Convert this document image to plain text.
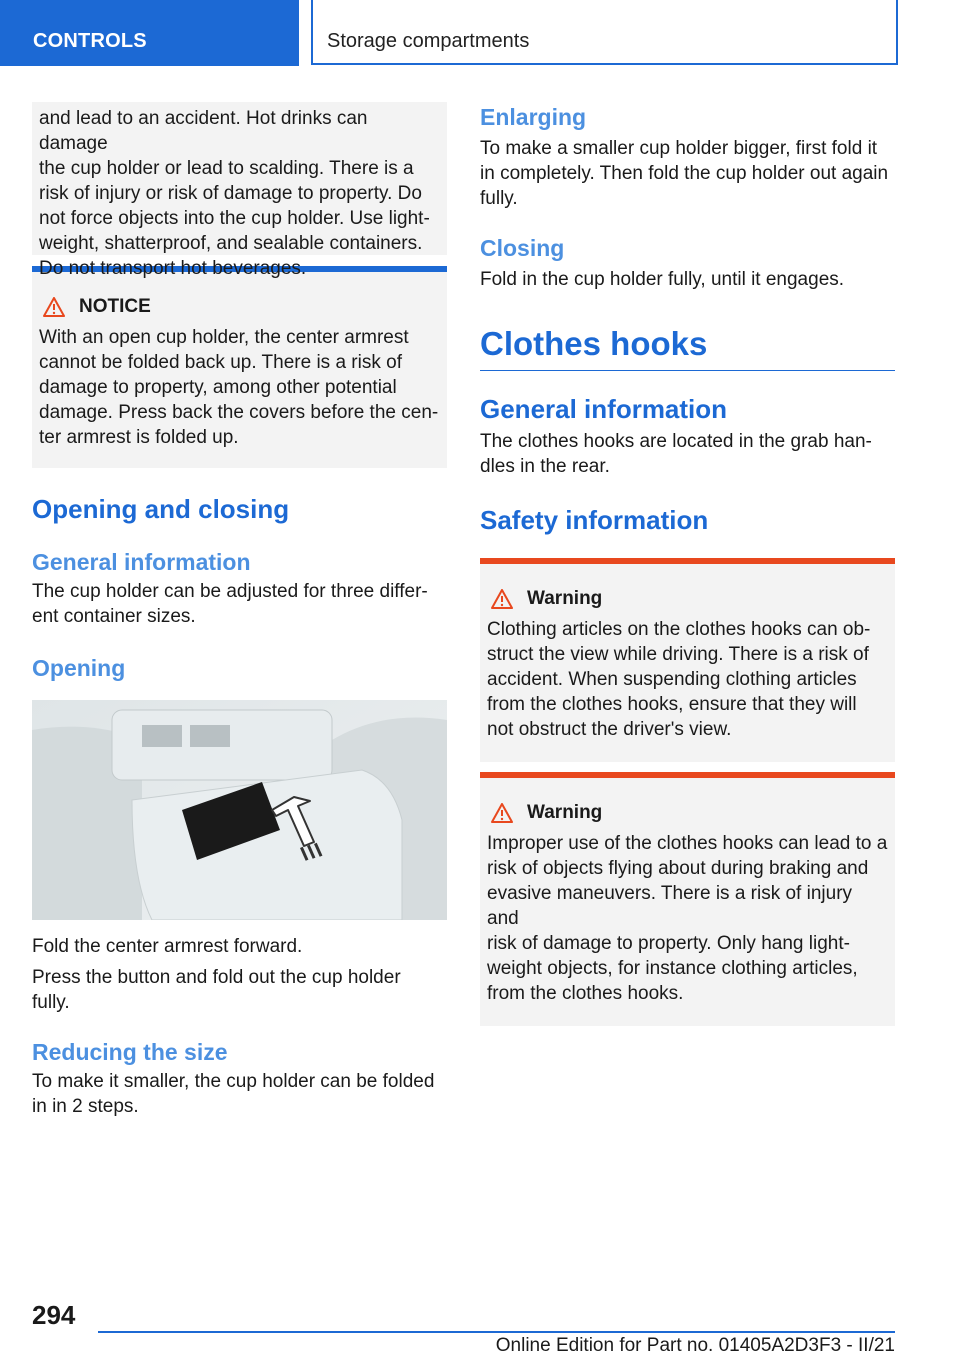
CONTROLS	Storage compartments

and lead to an accident. Hot drinks can damage

the cup holder or lead to scalding. There is a

risk of injury or risk of damage to property. Do

not force objects into the cup holder. Use light-

weight, shatterproof, and sealable containers.

Do not transport hot beverages.

NOTICE

With an open cup holder, the center armrest

cannot be folded back up. There is a risk of

damage to property, among other potential

damage. Press back the covers before the cen-

ter armrest is folded up.

Opening and closing
General information

The cup holder can be adjusted for three differ-

ent container sizes.

Opening

Fold the center armrest forward.

Press the button and fold out the cup holder

fully.

Reducing the size

To make it smaller, the cup holder can be folded

in in 2 steps.

Enlarging

To make a smaller cup holder bigger, first fold it

in completely. Then fold the cup holder out again

fully.

Closing

Fold in the cup holder fully, until it engages.

Clothes hooks
General information

The clothes hooks are located in the grab han-

dles in the rear.

Safety information
Warning

Clothing articles on the clothes hooks can ob-

struct the view while driving. There is a risk of

accident. When suspending clothing articles

from the clothes hooks, ensure that they will

not obstruct the driver's view.

Warning

Improper use of the clothes hooks can lead to a

risk of objects flying about during braking and

evasive maneuvers. There is a risk of injury and

risk of damage to property. Only hang light-

weight objects, for instance clothing articles,

from the clothes hooks.

294
Online Edition for Part no. 01405A2D3F3 - II/21
